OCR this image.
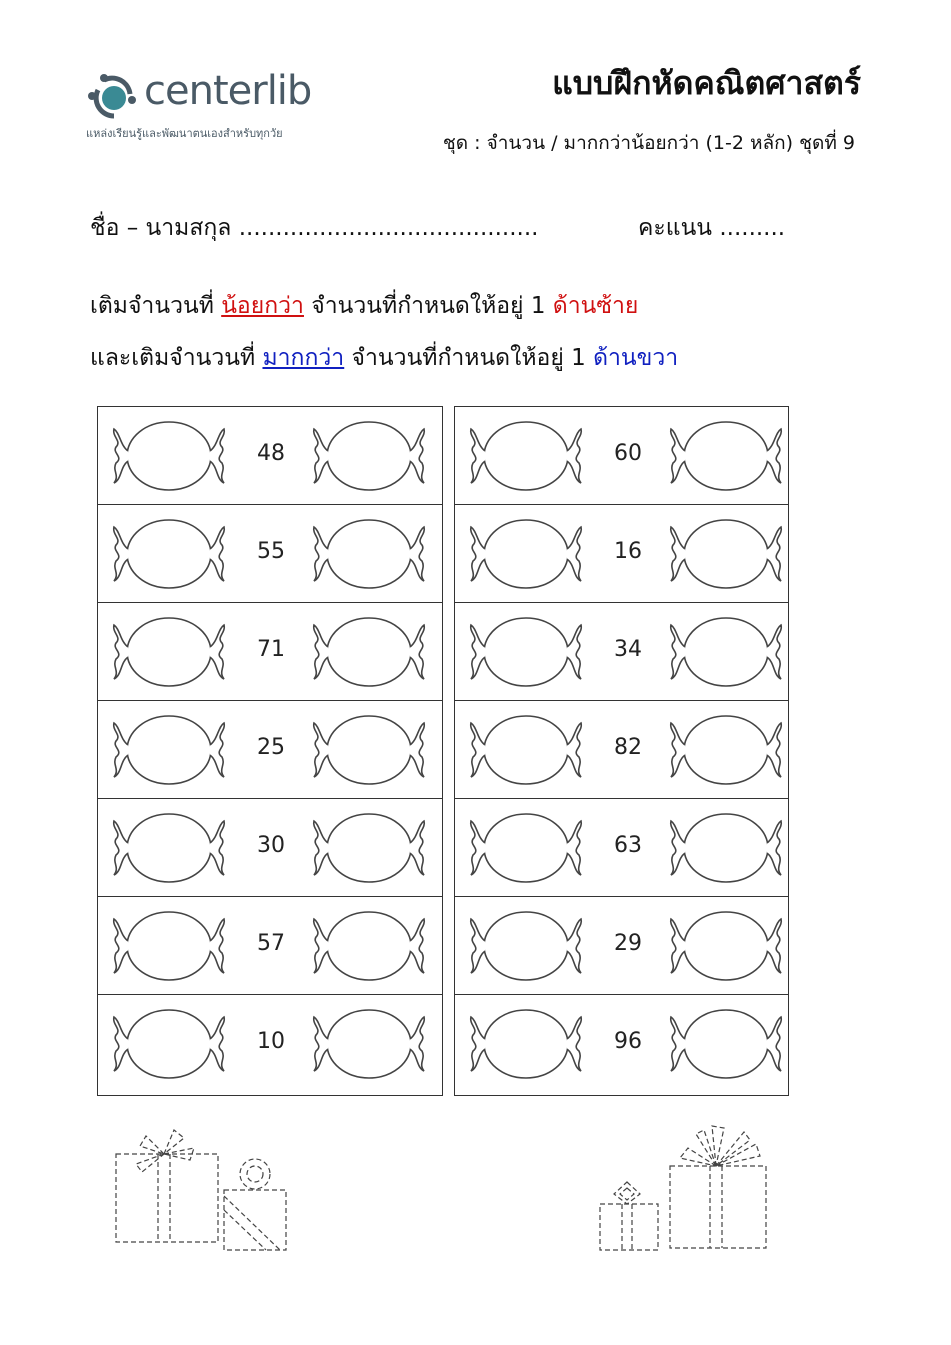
centerlib
แหล่งเรียนรู้และพัฒนาตนเองสำหรับทุกวัย
แบบฝึกหัดคณิตศาสตร์
ชุด : จำนวน / มากกว่าน้อยกว่า (1-2 หลัก) ชุดที่ 9
ชื่อ – นามสกุล .........................................	คะแนน .........
เติมจำนวนที่ น้อยกว่า จำนวนที่กำหนดให้อยู่ 1 ด้านซ้าย
และเติมจำนวนที่ มากกว่า จำนวนที่กำหนดให้อยู่ 1 ด้านขวา
48
55
71
25
30
57
10
60
16
34
82
63
29
96
